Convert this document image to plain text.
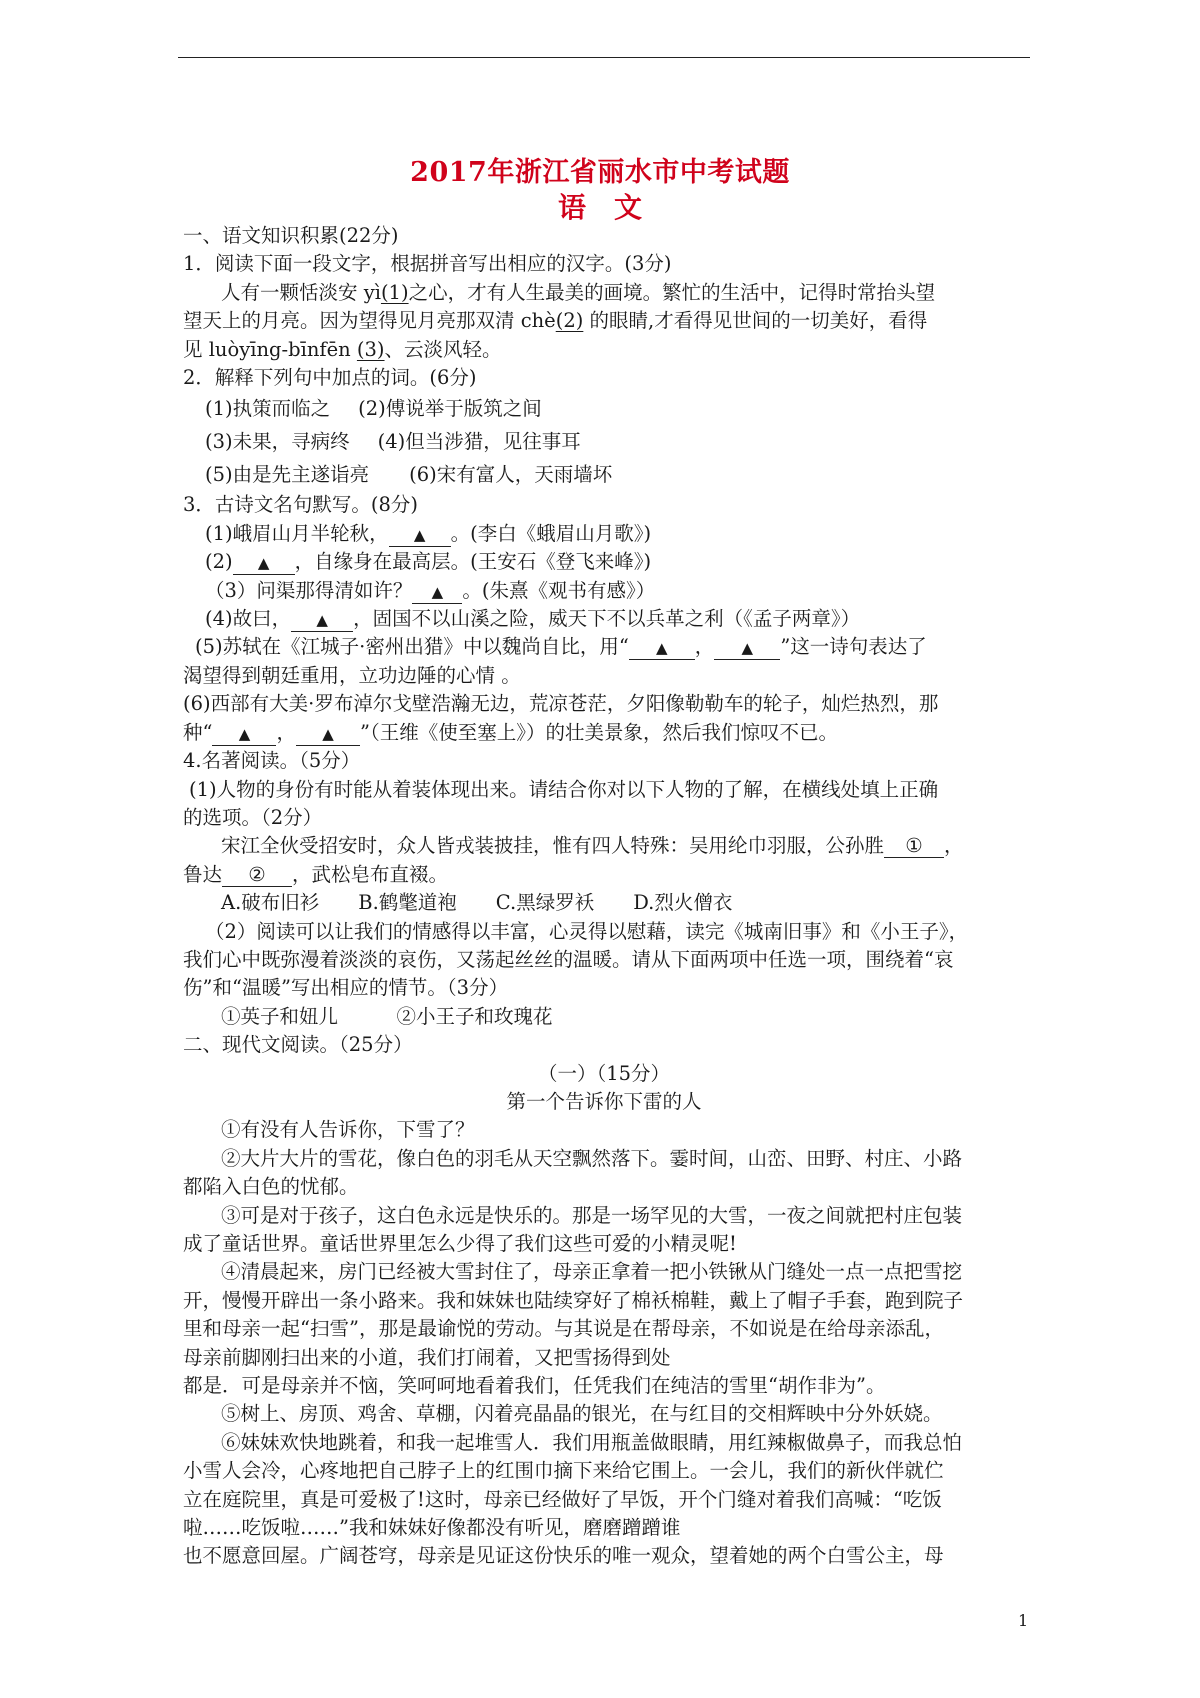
2017年浙江省丽水市中考试题
语文

一、语文知识积累(22分)

1．阅读下面一段文字，根据拼音写出相应的汉字。(3分)

人有一颗恬淡安 yì(1)之心，才有人生最美的画境。繁忙的生活中，记得时常抬头望

望天上的月亮。因为望得见月亮那双清 chè(2) 的眼睛,才看得见世间的一切美好，看得

见 luòyīng-bīnfēn (3)、云淡风轻。

2．解释下列句中加点的词。(6分)

(1)执策而临之 (2)傅说举于版筑之间

(3)未果，寻病终 (4)但当涉猎，见往事耳

(5)由是先主遂诣亮 (6)宋有富人，天雨墙坏

3．古诗文名句默写。(8分)

(1)峨眉山月半轮秋， ▲ 。(李白《蛾眉山月歌》)

(2) ▲ ，自缘身在最高层。(王安石《登飞来峰》)

（3）问渠那得清如许？ ▲ 。(朱熹《观书有感》）

(4)故曰， ▲ ，固国不以山溪之险，威天下不以兵革之利（《孟子两章》）

(5)苏轼在《江城子·密州出猎》中以魏尚自比，用“ ▲ ， ▲ ”这一诗句表达了

渴望得到朝廷重用，立功边陲的心情 。

(6)西部有大美·罗布淖尔戈壁浩瀚无边，荒凉苍茫，夕阳像勒勒车的轮子，灿烂热烈，那

种“ ▲ ， ▲ ”（王维《使至塞上》）的壮美景象，然后我们惊叹不已。

4.名著阅读。（5分）

(1)人物的身份有时能从着装体现出来。请结合你对以下人物的了解，在横线处填上正确

的选项。（2分）

宋江全伙受招安时，众人皆戎装披挂，惟有四人特殊：吴用纶巾羽服，公孙胜 ① ，

鲁达 ② ，武松皂布直裰。

A.破布旧衫　　B.鹤氅道袍　　C.黑绿罗袄　　D.烈火僧衣

（2）阅读可以让我们的情感得以丰富，心灵得以慰藉，读完《城南旧事》和《小王子》，

我们心中既弥漫着淡淡的哀伤，又荡起丝丝的温暖。请从下面两项中任选一项，围绕着“哀

伤”和“温暖”写出相应的情节。（3分）

①英子和妞儿　　　②小王子和玫瑰花

二、现代文阅读。（25分）

（一）（15分）

第一个告诉你下雷的人

①有没有人告诉你，下雪了？

②大片大片的雪花，像白色的羽毛从天空飘然落下。霎时间，山峦、田野、村庄、小路

都陷入白色的忧郁。

③可是对于孩子，这白色永远是快乐的。那是一场罕见的大雪，一夜之间就把村庄包装

成了童话世界。童话世界里怎么少得了我们这些可爱的小精灵呢!

④清晨起来，房门已经被大雪封住了，母亲正拿着一把小铁锹从门缝处一点一点把雪挖

开，慢慢开辟出一条小路来。我和妹妹也陆续穿好了棉袄棉鞋，戴上了帽子手套，跑到院子

里和母亲一起“扫雪”，那是最谕悦的劳动。与其说是在帮母亲，不如说是在给母亲添乱，

母亲前脚刚扫出来的小道，我们打闹着，又把雪扬得到处

都是．可是母亲并不恼，笑呵呵地看着我们，任凭我们在纯洁的雪里“胡作非为”。

⑤树上、房顶、鸡舍、草棚，闪着亮晶晶的银光，在与红目的交相辉映中分外妖娆。

⑥妹妹欢快地跳着，和我一起堆雪人．我们用瓶盖做眼睛，用红辣椒做鼻子，而我总怕

小雪人会冷，心疼地把自己脖子上的红围巾摘下来给它围上。一会儿，我们的新伙伴就伫

立在庭院里，真是可爱极了!这时，母亲已经做好了早饭，开个门缝对着我们高喊：“吃饭

啦……吃饭啦……”我和妹妹好像都没有听见，磨磨蹭蹭谁

也不愿意回屋。广阔苍穹，母亲是见证这份快乐的唯一观众，望着她的两个白雪公主，母

1
